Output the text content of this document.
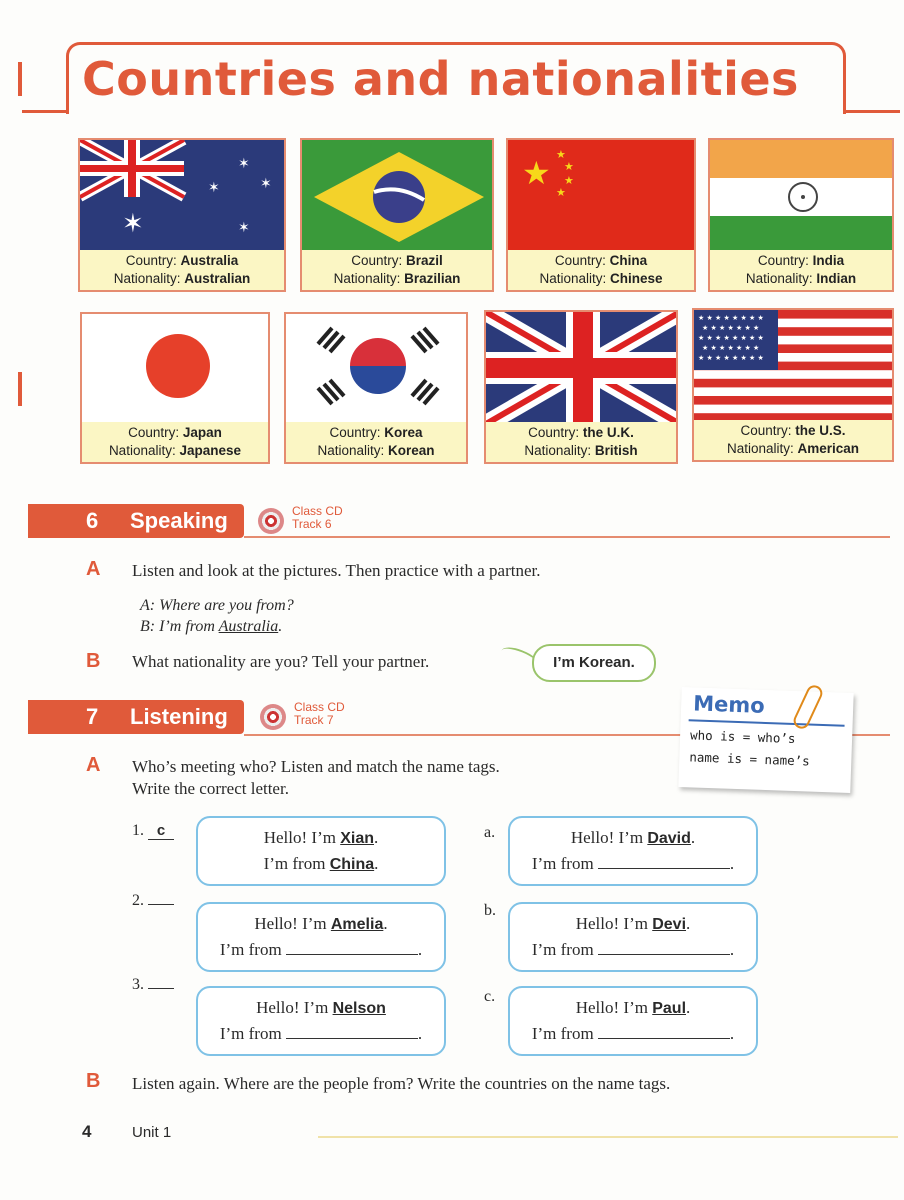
Countries and nationalities
✶
✶
✶	✶
✶
Country: Australia
Nationality: Australian
Country: Brazil
Nationality: Brazilian
★ ★
★
★
★
Country: China
Nationality: Chinese
Country: India
Nationality: Indian
Country: Japan
Nationality: Japanese
Country: Korea
Nationality: Korean
Country: the U.K.
Nationality: British
★ ★ ★ ★ ★ ★ ★ ★
★ ★ ★ ★ ★ ★ ★
★ ★ ★ ★ ★ ★ ★ ★
★ ★ ★ ★ ★ ★ ★
★ ★ ★ ★ ★ ★ ★ ★
Country: the U.S.
Nationality: American
6 Speaking	Class CD
Track 6
A Listen and look at the pictures. Then practice with a partner.
A: Where are you from?
B: I’m from Australia.
B What nationality are you? Tell your partner.	I’m Korean.
7 Listening	Class CD
Track 7
Memo
who is = who’s
name is = name’s
A Who’s meeting who? Listen and match the name tags.
Write the correct letter.
1. c	Hello! I’m Xian.
I’m from China.
2.
Hello! I’m Amelia.
I’m from	.
3.
Hello! I’m Nelson
I’m from	.
a.	Hello! I’m David.
I’m from	.
b.
Hello! I’m Devi.
I’m from	.
c.
Hello! I’m Paul.
I’m from	.
B Listen again. Where are the people from? Write the countries on the name tags.
4	Unit 1
